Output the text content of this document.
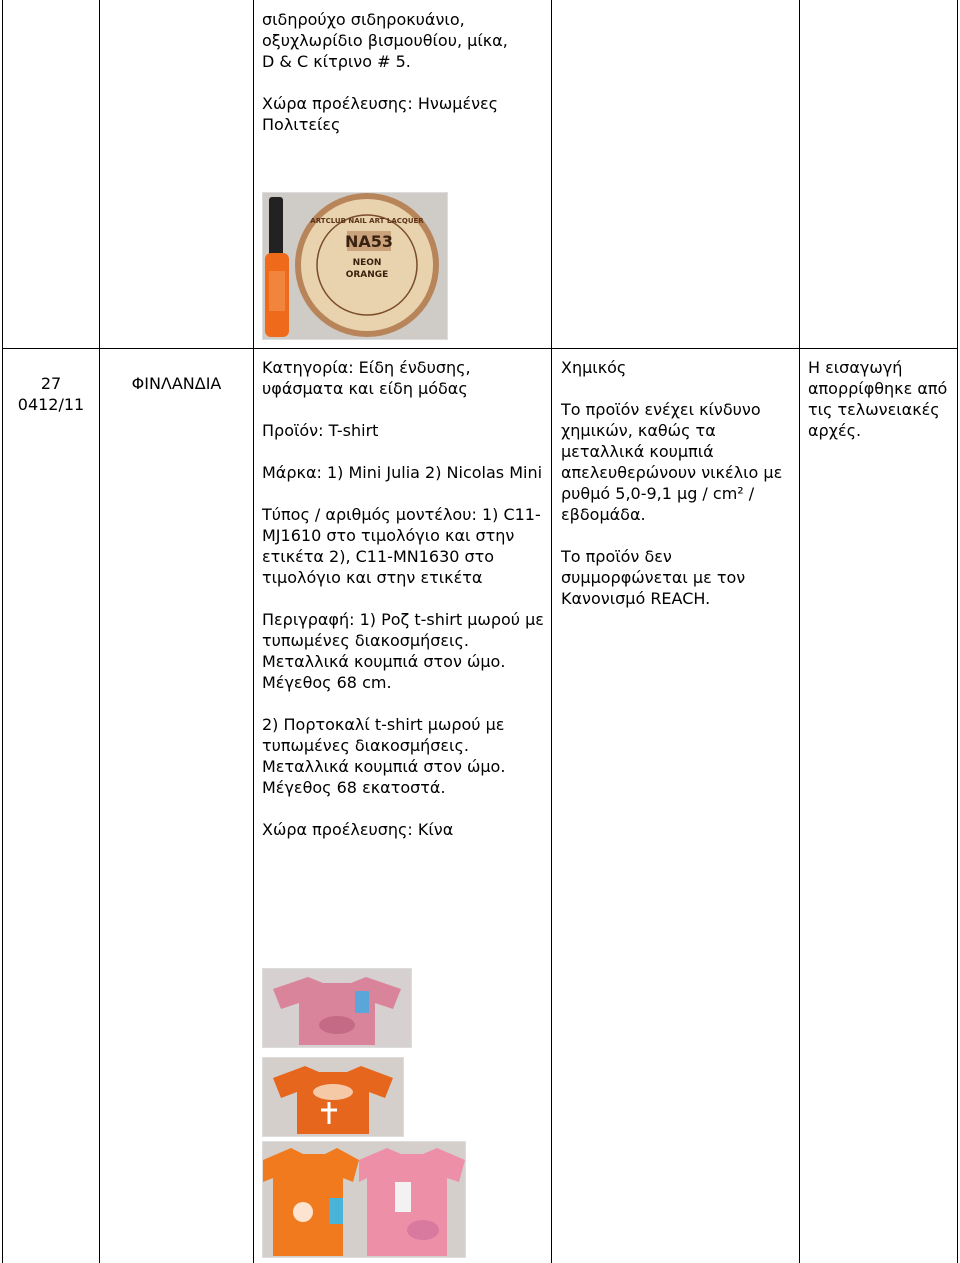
σιδηρούχο σιδηροκυάνιο,
οξυχλωρίδιο βισμουθίου, μίκα,
D & C κίτρινο # 5.

Χώρα προέλευσης: Ηνωμένες Πολιτείες

NA53
NEON
ORANGE
ARTCLUB NAIL ART LACQUER
27
0412/11
ΦΙΝΛΑΝΔΙΑ

Κατηγορία: Είδη ένδυσης, υφάσματα και είδη μόδας

Προϊόν: T-shirt

Μάρκα: 1) Mini Julia 2) Nicolas Mini

Τύπος / αριθμός μοντέλου: 1) C11-MJ1610 στο τιμολόγιο και στην ετικέτα 2), C11-MN1630 στο τιμολόγιο και στην ετικέτα

Περιγραφή: 1) Ροζ t-shirt μωρού με τυπωμένες διακοσμήσεις. Μεταλλικά κουμπιά στον ώμο. Μέγεθος 68 cm.

2) Πορτοκαλί t-shirt μωρού με τυπωμένες διακοσμήσεις. Μεταλλικά κουμπιά στον ώμο. Μέγεθος 68 εκατοστά.

Χώρα προέλευσης: Κίνα

Χημικός

Το προϊόν ενέχει κίνδυνο χημικών, καθώς τα μεταλλικά κουμπιά απελευθερώνουν νικέλιο με ρυθμό 5,0-9,1 μg / cm² / εβδομάδα.

Το προϊόν δεν συμμορφώνεται με τον Κανονισμό REACH.

Η εισαγωγή απορρίφθηκε από τις τελωνειακές αρχές.
